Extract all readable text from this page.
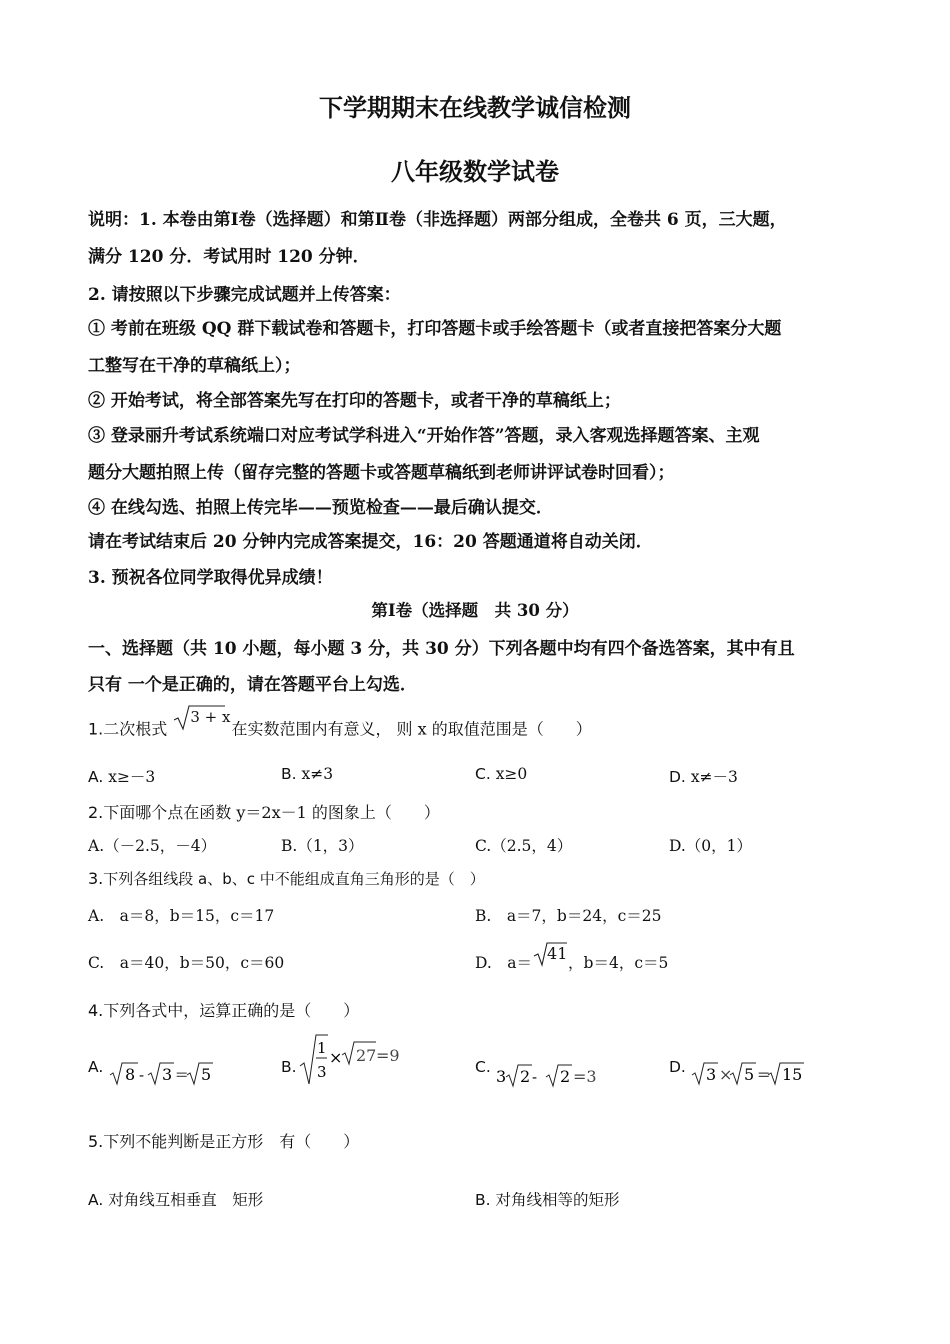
下学期期末在线教学诚信检测
八年级数学试卷
说明：1. 本卷由第Ⅰ卷（选择题）和第Ⅱ卷（非选择题）两部分组成，全卷共 6 页，三大题，
满分 120 分．考试用时 120 分钟．
2. 请按照以下步骤完成试题并上传答案：
① 考前在班级 QQ 群下载试卷和答题卡，打印答题卡或手绘答题卡（或者直接把答案分大题
工整写在干净的草稿纸上）；
② 开始考试，将全部答案先写在打印的答题卡，或者干净的草稿纸上；
③ 登录丽升考试系统端口对应考试学科进入“开始作答”答题，录入客观选择题答案、主观
题分大题拍照上传（留存完整的答题卡或答题草稿纸到老师讲评试卷时回看）；
④ 在线勾选、拍照上传完毕——预览检查——最后确认提交．
请在考试结束后 20 分钟内完成答案提交，16：20 答题通道将自动关闭．
3. 预祝各位同学取得优异成绩！
第Ⅰ卷（选择题　共 30 分）
一、选择题（共 10 小题，每小题 3 分，共 30 分）下列各题中均有四个备选答案，其中有且
只有 一个是正确的，请在答题平台上勾选．
1.二次根式
3 + x
在实数范围内有意义， 则 x 的取值范围是（　　）
A. x≥－3	B. x≠3	C. x≥0	D. x≠－3
2.下面哪个点在函数 y＝2x－1 的图象上（　　）
A.（－2.5，－4）	B.（1，3）	C.（2.5，4）	D.（0，1）
3.下列各组线段 a、b、c 中不能组成直角三角形的是（　）
A.　a＝8，b＝15，c＝17	B.　a＝7，b＝24，c＝25
C.　a＝40，b＝50，c＝60	D.　a＝ 41 ，b＝4，c＝5
4.下列各式中，运算正确的是（　　）
A. 8 - 3 = 5	B.
1
3
× 27 =9
C. 3 2 - 2 =3	D. 3 × 5 = 15
5.下列不能判断是正方形　有（　　）
A. 对角线互相垂直　矩形	B. 对角线相等的矩形
